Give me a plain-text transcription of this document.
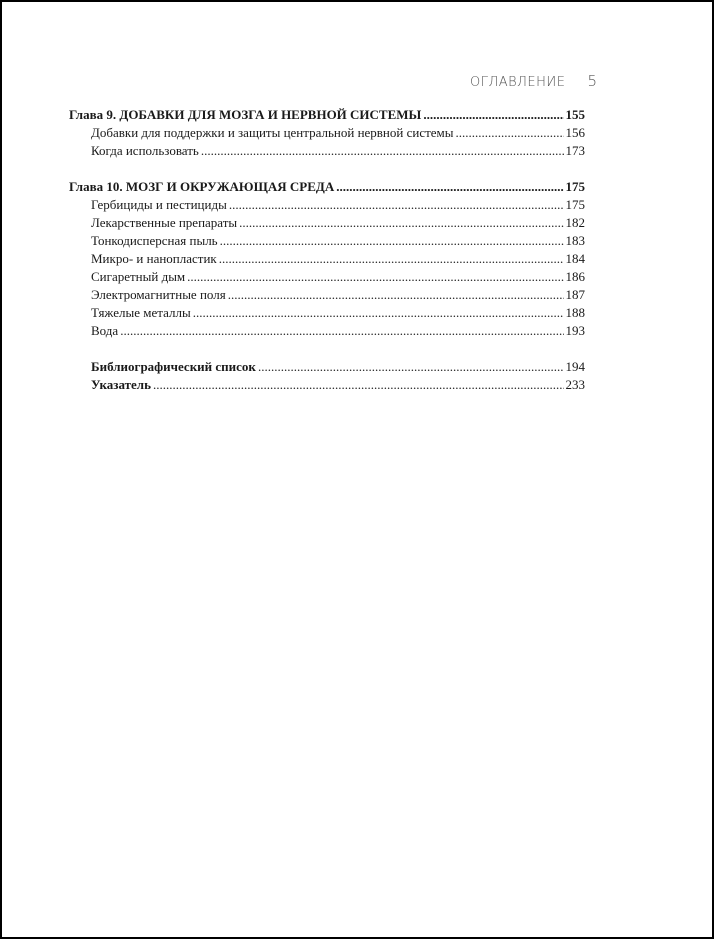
ОГЛАВЛЕНИЕ 5
Глава 9. ДОБАВКИ ДЛЯ МОЗГА И НЕРВНОЙ СИСТЕМЫ .....	155
Добавки для поддержки и защиты центральной нервной системы .....	156
Когда использовать .....	173
Глава 10. МОЗГ И ОКРУЖАЮЩАЯ СРЕДА .....	175
Гербициды и пестициды .....	175
Лекарственные препараты .....	182
Тонкодисперсная пыль .....	183
Микро- и нанопластик .....	184
Сигаретный дым .....	186
Электромагнитные поля .....	187
Тяжелые металлы .....	188
Вода .....	193
Библиографический список .....	194
Указатель .....	233
